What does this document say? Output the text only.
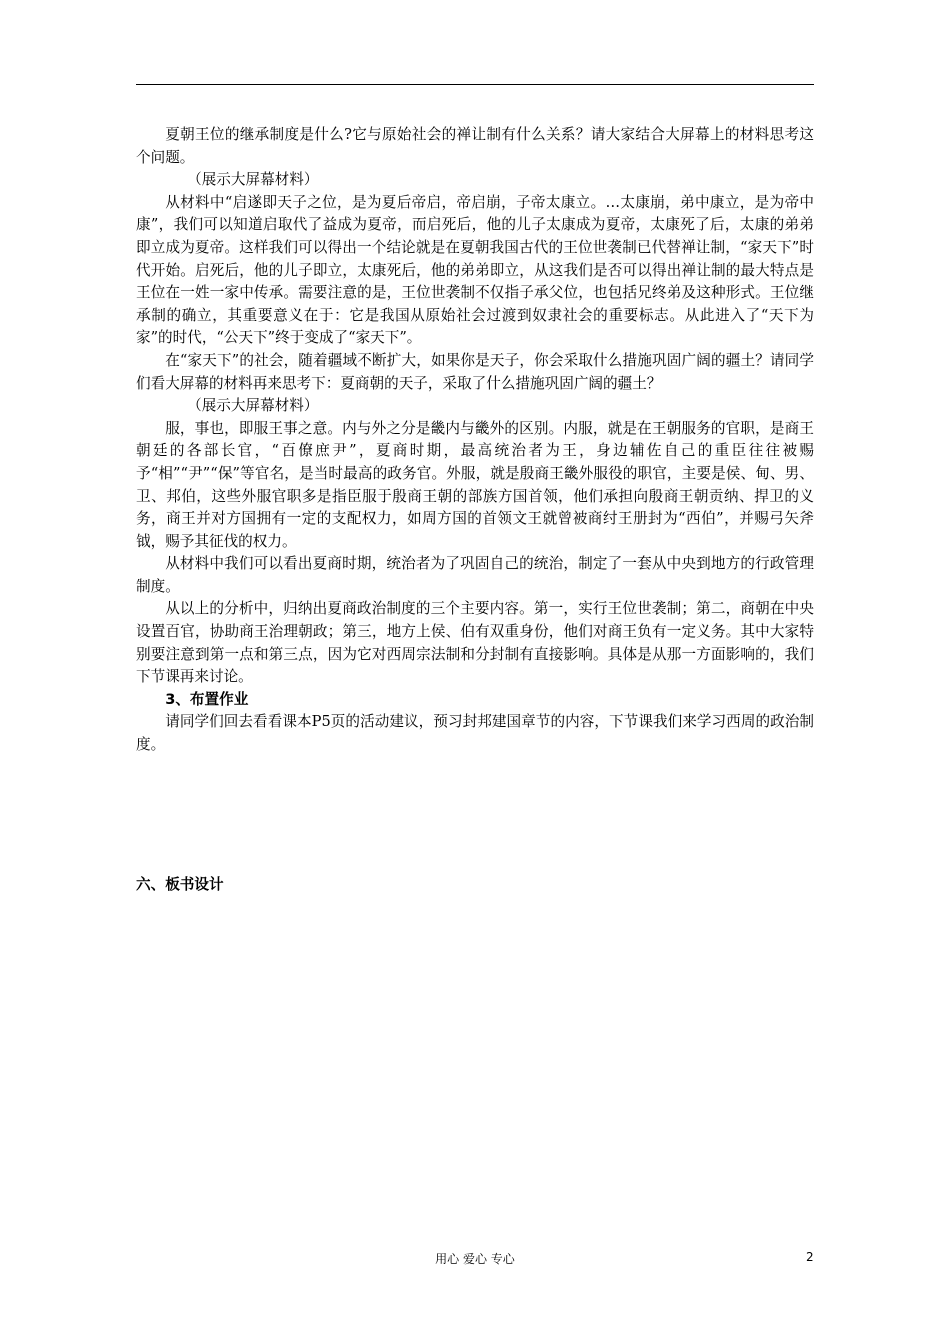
夏朝王位的继承制度是什么?它与原始社会的禅让制有什么关系？请大家结合大屏幕上的材料思考这个问题。

（展示大屏幕材料）

从材料中“启遂即天子之位，是为夏后帝启，帝启崩，子帝太康立。…太康崩，弟中康立，是为帝中康”，我们可以知道启取代了益成为夏帝，而启死后，他的儿子太康成为夏帝，太康死了后，太康的弟弟即立成为夏帝。这样我们可以得出一个结论就是在夏朝我国古代的王位世袭制已代替禅让制，“家天下”时代开始。启死后，他的儿子即立，太康死后，他的弟弟即立，从这我们是否可以得出禅让制的最大特点是王位在一姓一家中传承。需要注意的是，王位世袭制不仅指子承父位，也包括兄终弟及这种形式。王位继承制的确立，其重要意义在于：它是我国从原始社会过渡到奴隶社会的重要标志。从此进入了“天下为家”的时代，“公天下”终于变成了“家天下”。

在“家天下”的社会，随着疆域不断扩大，如果你是天子，你会采取什么措施巩固广阔的疆土？请同学们看大屏幕的材料再来思考下：夏商朝的天子，采取了什么措施巩固广阔的疆土？

（展示大屏幕材料）

服，事也，即服王事之意。内与外之分是畿内与畿外的区别。内服，就是在王朝服务的官职，是商王朝廷的各部长官，“百僚庶尹”，夏商时期，最高统治者为王，身边辅佐自己的重臣往往被赐予“相”“尹”“保”等官名，是当时最高的政务官。外服，就是殷商王畿外服役的职官，主要是侯、甸、男、卫、邦伯，这些外服官职多是指臣服于殷商王朝的部族方国首领，他们承担向殷商王朝贡纳、捍卫的义务，商王并对方国拥有一定的支配权力，如周方国的首领文王就曾被商纣王册封为“西伯”，并赐弓矢斧钺，赐予其征伐的权力。

从材料中我们可以看出夏商时期，统治者为了巩固自己的统治，制定了一套从中央到地方的行政管理制度。

从以上的分析中，归纳出夏商政治制度的三个主要内容。第一，实行王位世袭制；第二，商朝在中央设置百官，协助商王治理朝政；第三，地方上侯、伯有双重身份，他们对商王负有一定义务。其中大家特别要注意到第一点和第三点，因为它对西周宗法制和分封制有直接影响。具体是从那一方面影响的，我们下节课再来讨论。

3、布置作业

请同学们回去看看课本P5页的活动建议，预习封邦建国章节的内容，下节课我们来学习西周的政治制度。

六、板书设计
用心 爱心 专心	2
